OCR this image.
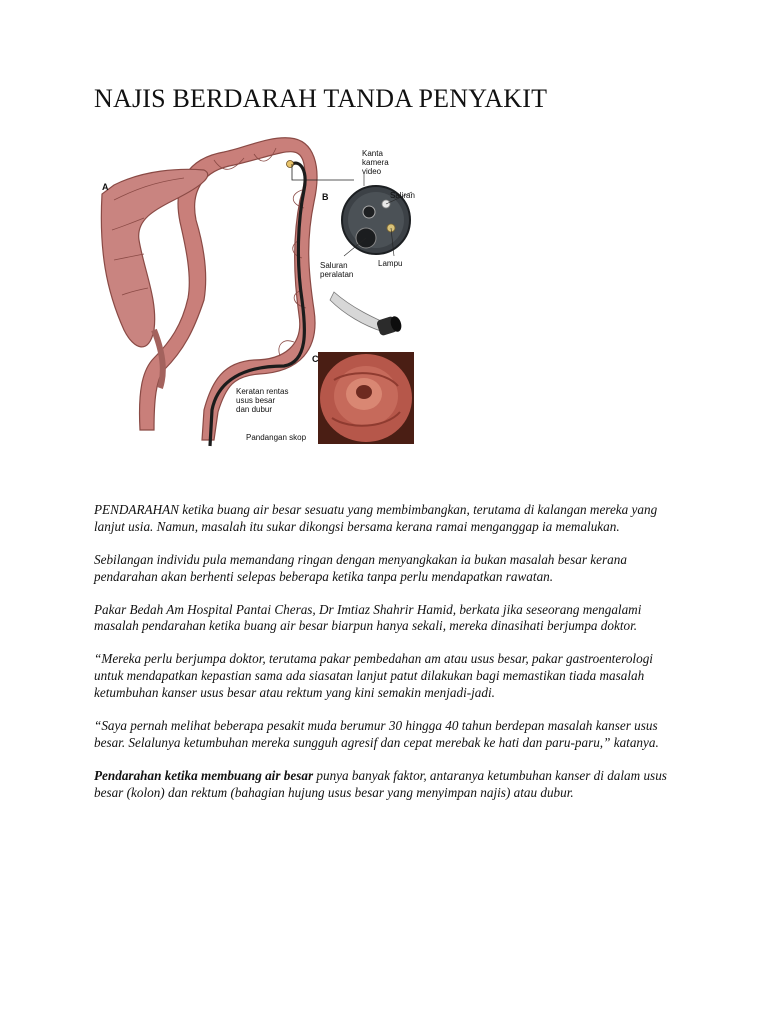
NAJIS BERDARAH TANDA PENYAKIT
A
B
C
Kanta
kamera
video
Saliran
Saluran
peralatan
Lampu
Keratan rentas
usus besar
dan dubur
Pandangan skop

PENDARAHAN ketika buang air besar sesuatu yang membimbangkan, terutama di kalangan mereka yang lanjut usia. Namun, masalah itu sukar dikongsi bersama kerana ramai menganggap ia memalukan.

Sebilangan individu pula memandang ringan dengan menyangkakan ia bukan masalah besar kerana pendarahan akan berhenti selepas beberapa ketika tanpa perlu mendapatkan rawatan.

Pakar Bedah Am Hospital Pantai Cheras, Dr Imtiaz Shahrir Hamid, berkata jika seseorang mengalami masalah pendarahan ketika buang air besar biarpun hanya sekali, mereka dinasihati berjumpa doktor.

“Mereka perlu berjumpa doktor, terutama pakar pembedahan am atau usus besar, pakar gastroenterologi untuk mendapatkan kepastian sama ada siasatan lanjut patut dilakukan bagi memastikan tiada masalah ketumbuhan kanser usus besar atau rektum yang kini semakin menjadi-jadi.

“Saya pernah melihat beberapa pesakit muda berumur 30 hingga 40 tahun berdepan masalah kanser usus besar. Selalunya ketumbuhan mereka sungguh agresif dan cepat merebak ke hati dan paru-paru,” katanya.

Pendarahan ketika membuang air besar punya banyak faktor, antaranya ketumbuhan kanser di dalam usus besar (kolon) dan rektum (bahagian hujung usus besar yang menyimpan najis) atau dubur.
